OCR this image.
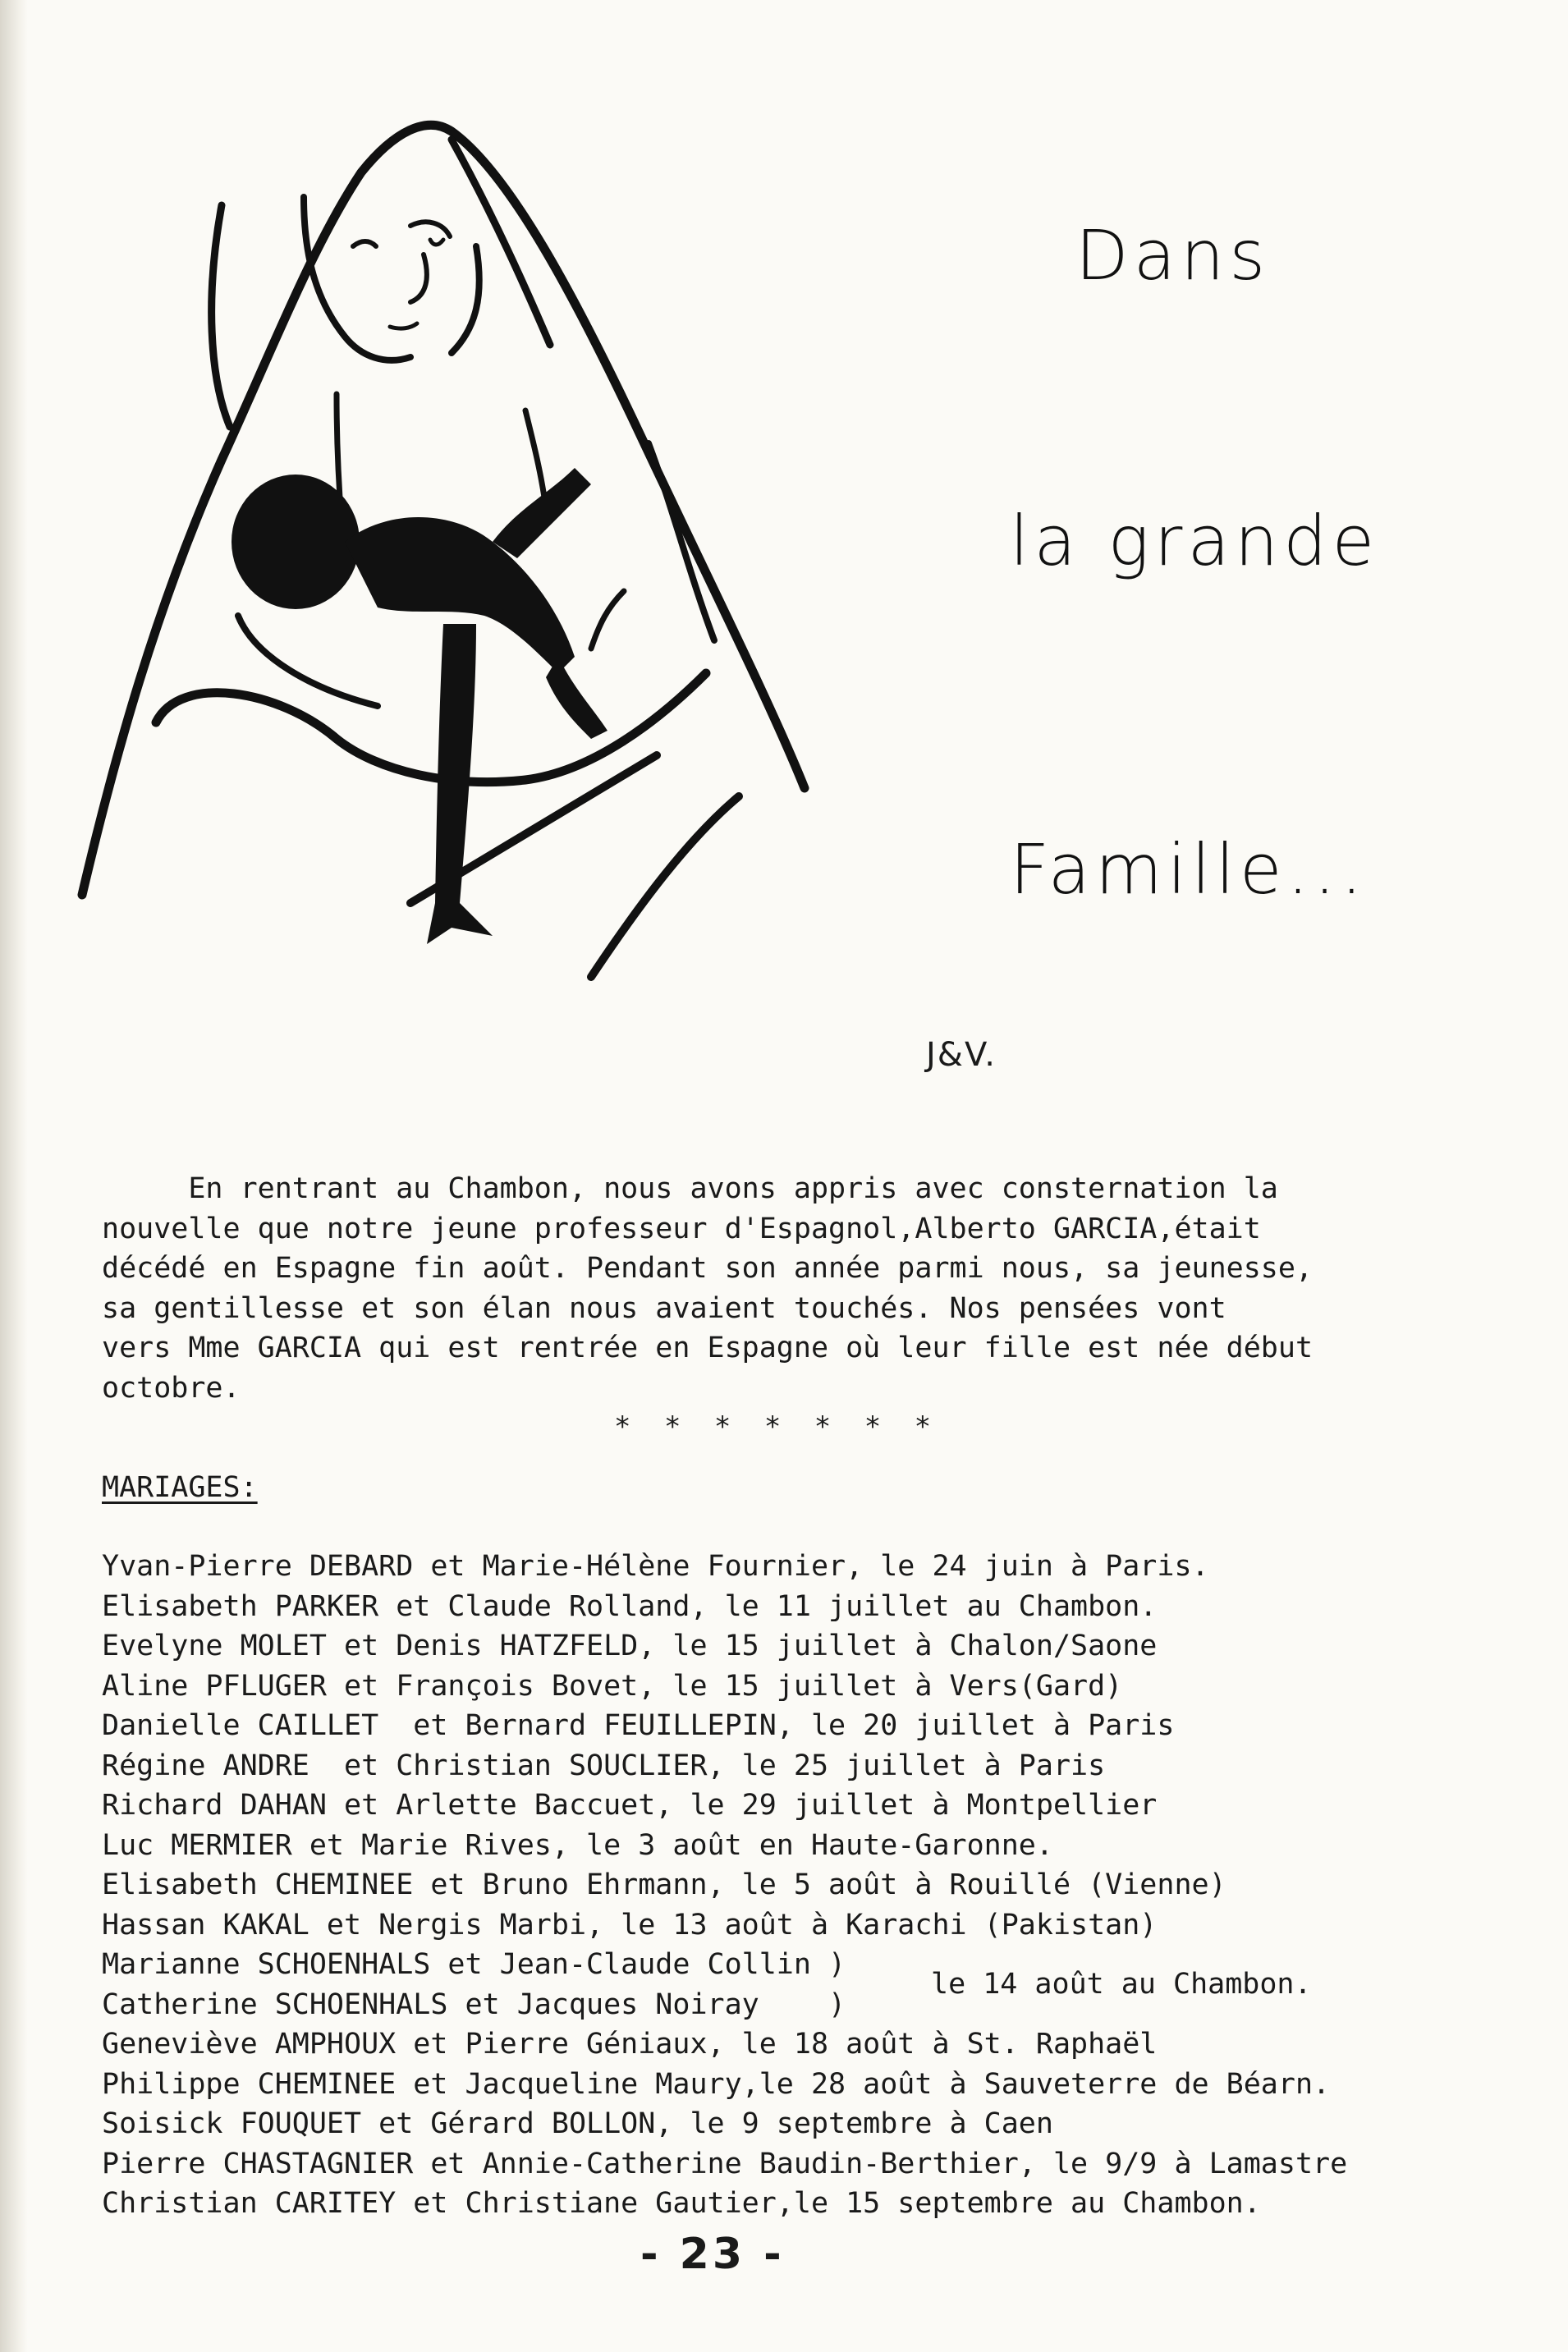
Dans
la grande
Famille...
J&V.

En rentrant au Chambon, nous avons appris avec consternation la

nouvelle que notre jeune professeur d'Espagnol,Alberto GARCIA,était

décédé en Espagne fin août. Pendant son année parmi nous, sa jeunesse,

sa gentillesse et son élan nous avaient touchés. Nos pensées vont

vers Mme GARCIA qui est rentrée en Espagne où leur fille est née début

octobre.

* * * * * * *
MARIAGES:
Yvan-Pierre DEBARD et Marie-Hélène Fournier, le 24 juin à Paris.
Elisabeth PARKER et Claude Rolland, le 11 juillet au Chambon.
Evelyne MOLET et Denis HATZFELD, le 15 juillet à Chalon/Saone
Aline PFLUGER et François Bovet, le 15 juillet à Vers(Gard)
Danielle CAILLET  et Bernard FEUILLEPIN, le 20 juillet à Paris
Régine ANDRE  et Christian SOUCLIER, le 25 juillet à Paris
Richard DAHAN et Arlette Baccuet, le 29 juillet à Montpellier
Luc MERMIER et Marie Rives, le 3 août en Haute-Garonne.
Elisabeth CHEMINEE et Bruno Ehrmann, le 5 août à Rouillé (Vienne)
Hassan KAKAL et Nergis Marbi, le 13 août à Karachi (Pakistan)
Marianne SCHOENHALS et Jean-Claude Collin )
Catherine SCHOENHALS et Jacques Noiray    )
le 14 août au Chambon.
Geneviève AMPHOUX et Pierre Géniaux, le 18 août à St. Raphaël
Philippe CHEMINEE et Jacqueline Maury,le 28 août à Sauveterre de Béarn.
Soisick FOUQUET et Gérard BOLLON, le 9 septembre à Caen
Pierre CHASTAGNIER et Annie-Catherine Baudin-Berthier, le 9/9 à Lamastre
Christian CARITEY et Christiane Gautier,le 15 septembre au Chambon.
- 23 -
